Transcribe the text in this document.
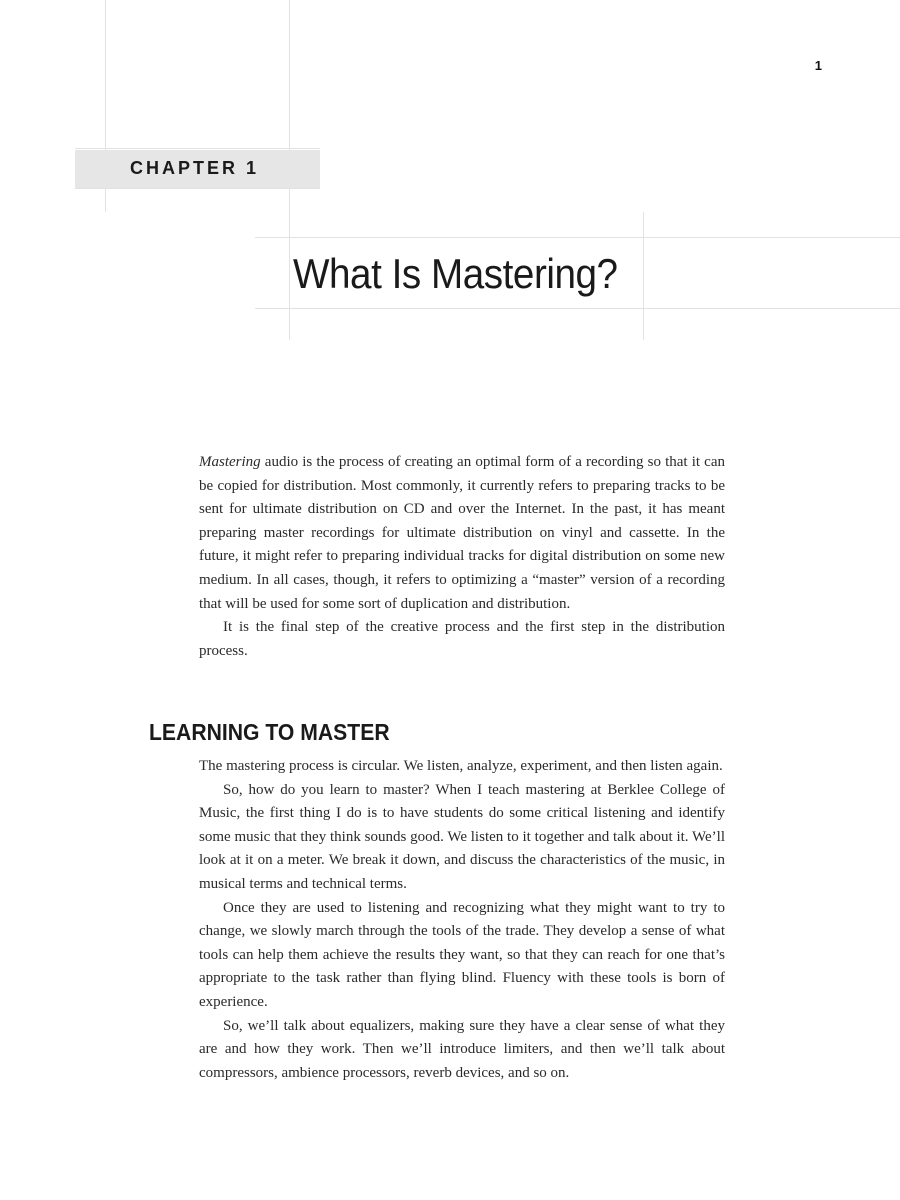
1
CHAPTER 1
What Is Mastering?

Mastering audio is the process of creating an optimal form of a recording so that it can be copied for distribution. Most commonly, it currently refers to preparing tracks to be sent for ultimate distribution on CD and over the Internet. In the past, it has meant preparing master recordings for ultimate distribution on vinyl and cassette. In the future, it might refer to preparing individual tracks for digital distribution on some new medium. In all cases, though, it refers to optimizing a “master” version of a recording that will be used for some sort of duplication and distribution.

It is the final step of the creative process and the first step in the distribution process.

LEARNING TO MASTER

The mastering process is circular. We listen, analyze, experiment, and then listen again.

So, how do you learn to master? When I teach mastering at Berklee College of Music, the first thing I do is to have students do some critical listening and identify some music that they think sounds good. We listen to it together and talk about it. We’ll look at it on a meter. We break it down, and discuss the characteristics of the music, in musical terms and technical terms.

Once they are used to listening and recognizing what they might want to try to change, we slowly march through the tools of the trade. They develop a sense of what tools can help them achieve the results they want, so that they can reach for one that’s appropriate to the task rather than flying blind. Fluency with these tools is born of experience.

So, we’ll talk about equalizers, making sure they have a clear sense of what they are and how they work. Then we’ll introduce limiters, and then we’ll talk about compressors, ambience processors, reverb devices, and so on.
